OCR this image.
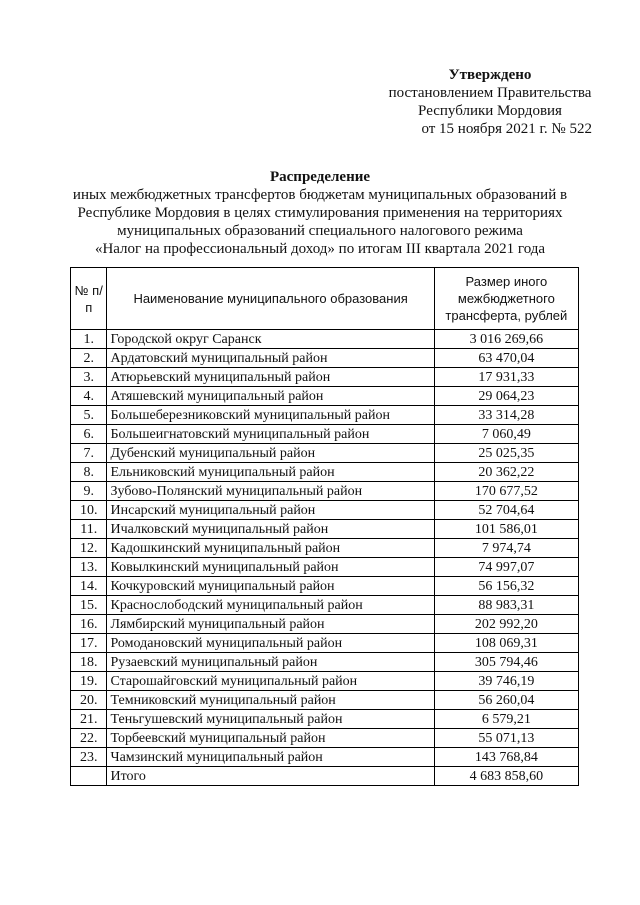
Утверждено
постановлением Правительства
Республики Мордовия
от 15 ноября 2021 г. № 522
Распределение
иных межбюджетных трансфертов бюджетам муниципальных образований в
Республике Мордовия в целях стимулирования применения на территориях
муниципальных образований специального налогового режима
«Налог на профессиональный доход» по итогам III квартала 2021 года
№ п/п	Наименование муниципального образования	Размер иного межбюджетного трансферта, рублей
1.	Городской округ Саранск	3 016 269,66
2.	Ардатовский муниципальный район	63 470,04
3.	Атюрьевский муниципальный район	17 931,33
4.	Атяшевский муниципальный район	29 064,23
5.	Большеберезниковский муниципальный район	33 314,28
6.	Большеигнатовский муниципальный район	7 060,49
7.	Дубенский муниципальный район	25 025,35
8.	Ельниковский муниципальный район	20 362,22
9.	Зубово-Полянский муниципальный район	170 677,52
10.	Инсарский муниципальный район	52 704,64
11.	Ичалковский муниципальный район	101 586,01
12.	Кадошкинский муниципальный район	7 974,74
13.	Ковылкинский муниципальный район	74 997,07
14.	Кочкуровский муниципальный район	56 156,32
15.	Краснослободский муниципальный район	88 983,31
16.	Лямбирский муниципальный район	202 992,20
17.	Ромодановский муниципальный район	108 069,31
18.	Рузаевский муниципальный район	305 794,46
19.	Старошайговский муниципальный район	39 746,19
20.	Темниковский муниципальный район	56 260,04
21.	Теньгушевский муниципальный район	6 579,21
22.	Торбеевский муниципальный район	55 071,13
23.	Чамзинский муниципальный район	143 768,84
	Итого	4 683 858,60
